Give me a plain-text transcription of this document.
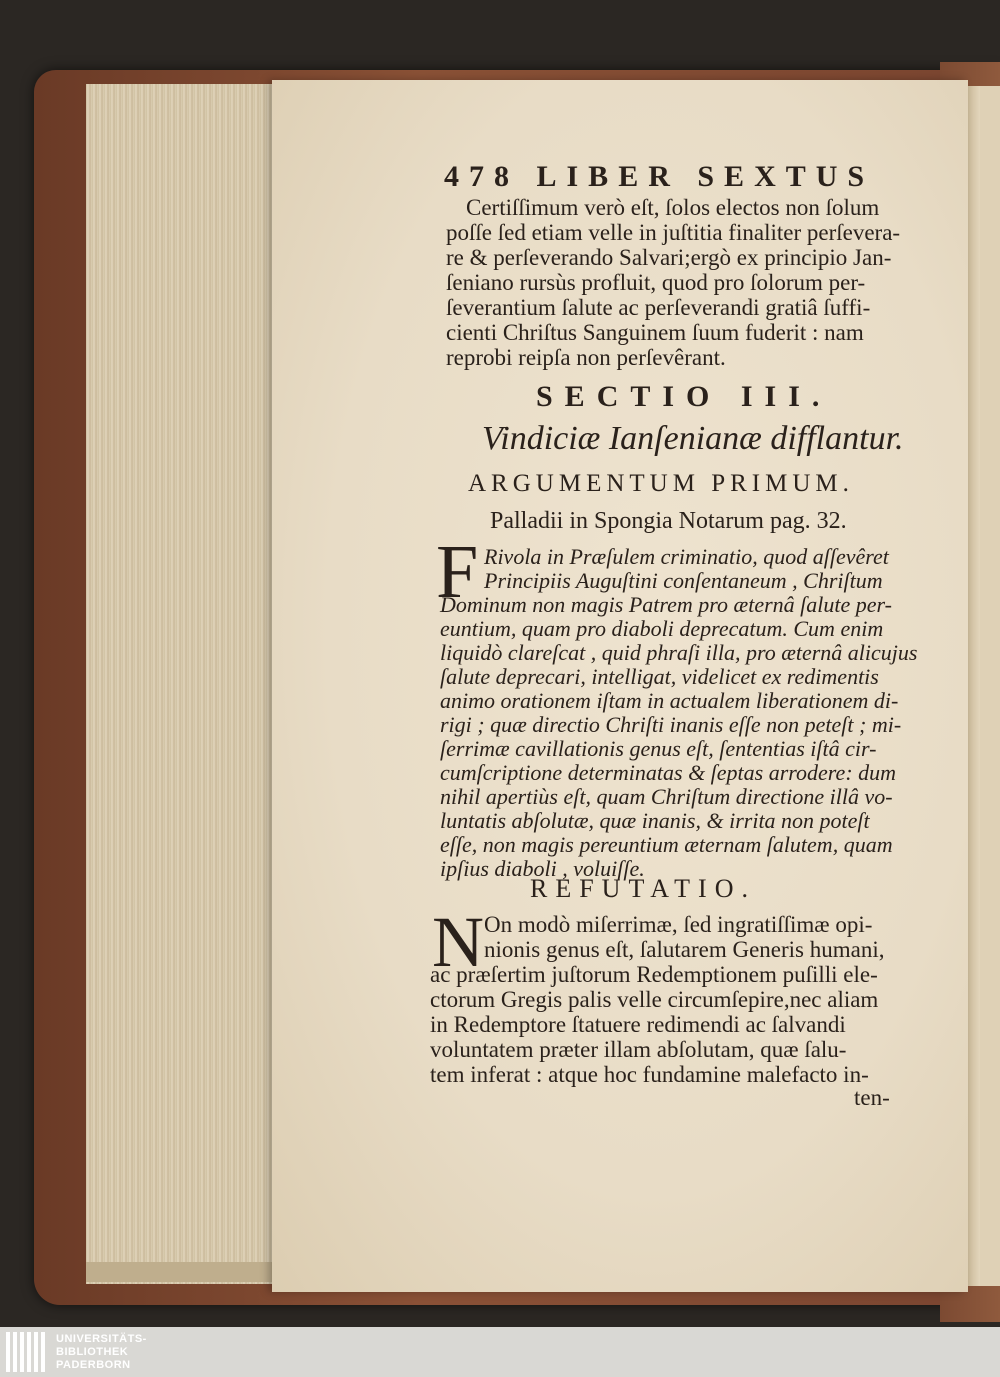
478 LIBER SEXTUS
Certiſſimum verò eſt, ſolos electos non ſolum
poſſe ſed etiam velle in juſtitia finaliter perſevera-
re & perſeverando Salvari;ergò ex principio Jan-
ſeniano rursùs profluit, quod pro ſolorum per-
ſeverantium ſalute ac perſeverandi gratiâ ſuffi-
cienti Chriſtus Sanguinem ſuum fuderit : nam
reprobi reipſa non perſevêrant.
SECTIO III.
Vindiciæ Ianſenianæ difflantur.
ARGUMENTUM PRIMUM.
Palladii in Spongia Notarum pag. 32.
F Rivola in Præſulem criminatio, quod aſſevêret
Principiis Auguſtini conſentaneum , Chriſtum
Dominum non magis Patrem pro æternâ ſalute per-
euntium, quam pro diaboli deprecatum. Cum enim
liquidò clareſcat , quid phraſi illa, pro æternâ alicujus
ſalute deprecari, intelligat, videlicet ex redimentis
animo orationem iſtam in actualem liberationem di-
rigi ; quæ directio Chriſti inanis eſſe non peteſt ; mi-
ſerrimæ cavillationis genus eſt, ſententias iſtâ cir-
cumſcriptione determinatas & ſeptas arrodere: dum
nihil apertiùs eſt, quam Chriſtum directione illâ vo-
luntatis abſolutæ, quæ inanis, & irrita non poteſt
eſſe, non magis pereuntium æternam ſalutem, quam
ipſius diaboli , voluiſſe.
REFUTATIO.
N On modò miſerrimæ, ſed ingratiſſimæ opi-
nionis genus eſt, ſalutarem Generis humani,
ac præſertim juſtorum Redemptionem puſilli ele-
ctorum Gregis palis velle circumſepire,nec aliam
in Redemptore ſtatuere redimendi ac ſalvandi
voluntatem præter illam abſolutam, quæ ſalu-
tem inferat : atque hoc fundamine malefacto in-
ten-
UNIVERSITÄTS-
BIBLIOTHEK
PADERBORN
